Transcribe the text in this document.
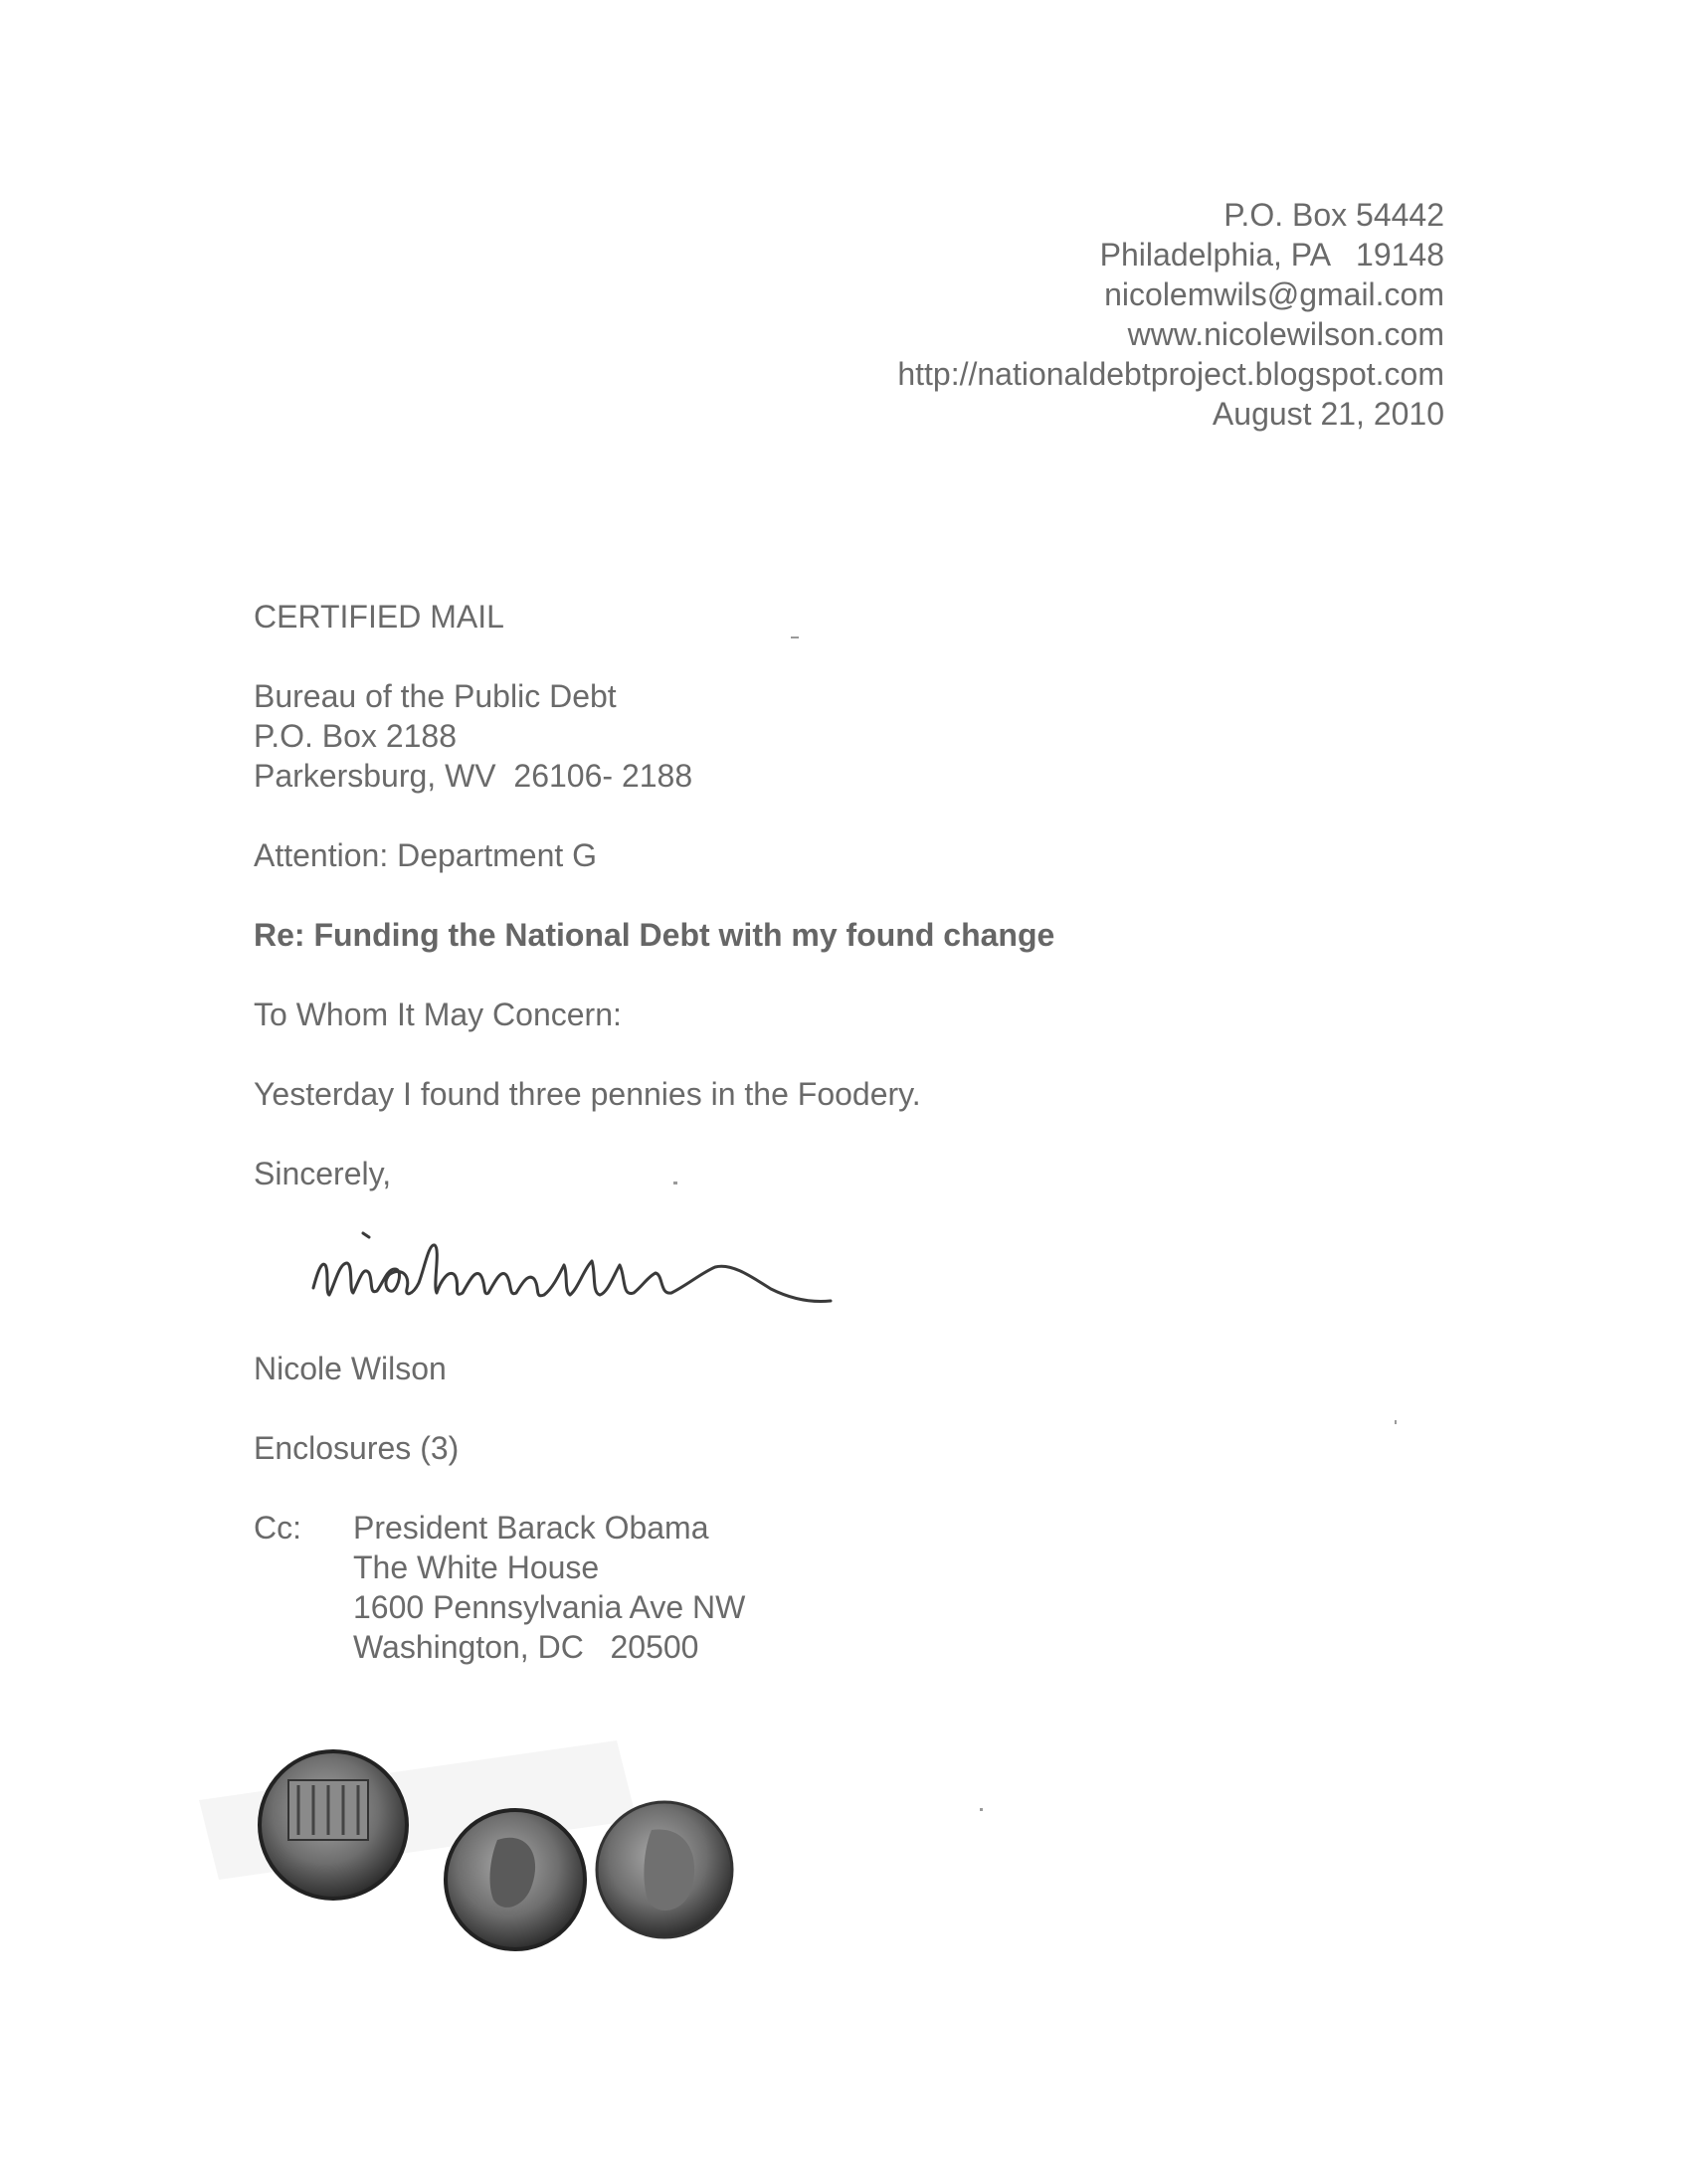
P.O. Box 54442
Philadelphia, PA   19148
nicolemwils@gmail.com
www.nicolewilson.com
http://nationaldebtproject.blogspot.com
August 21, 2010
CERTIFIED MAIL
Bureau of the Public Debt
P.O. Box 2188
Parkersburg, WV  26106- 2188
Attention: Department G
Re: Funding the National Debt with my found change
To Whom It May Concern:
Yesterday I found three pennies in the Foodery.
Sincerely,
Nicole Wilson
Enclosures (3)
Cc:	President Barack Obama
The White House
1600 Pennsylvania Ave NW
Washington, DC   20500
